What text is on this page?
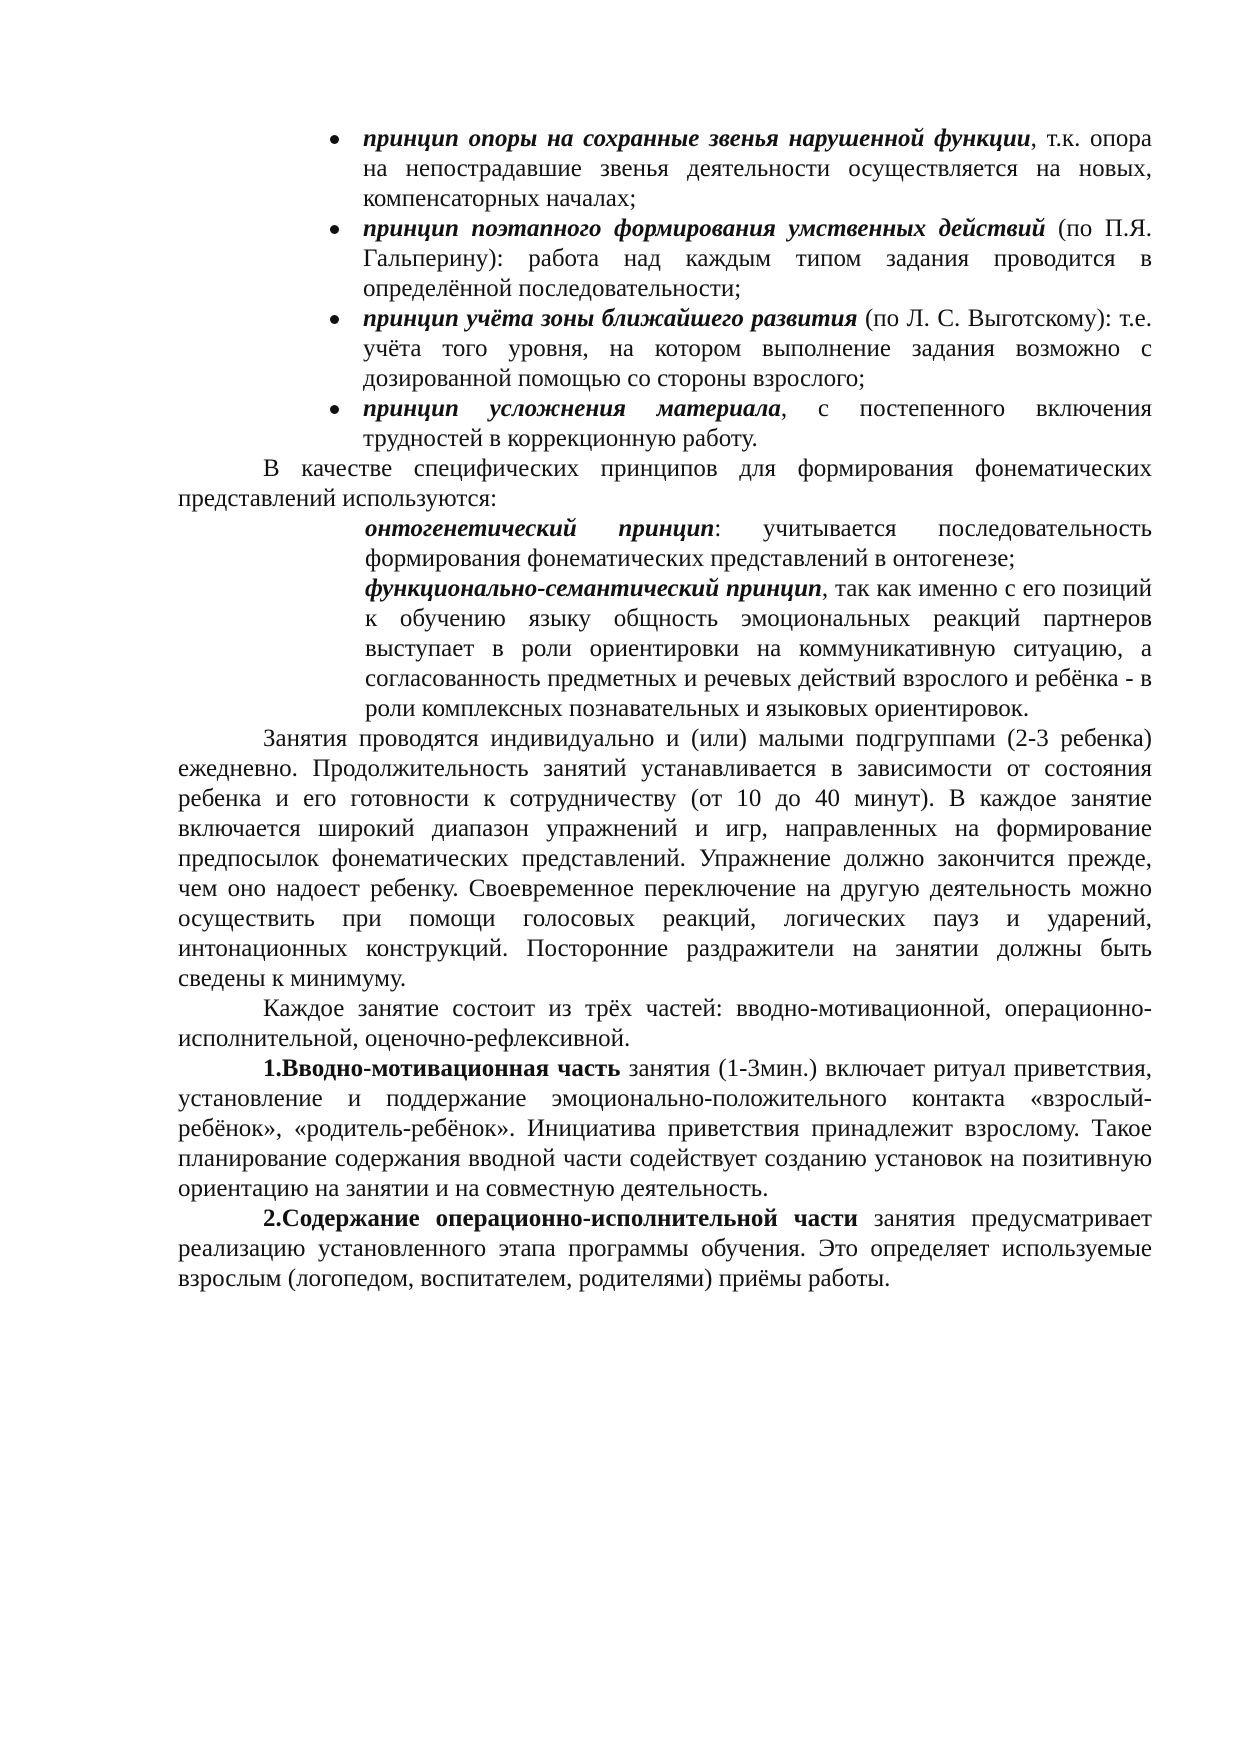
принцип опоры на сохранные звенья нарушенной функции, т.к. опора на непострадавшие звенья деятельности осуществляется на новых, компенсаторных началах;
принцип поэтапного формирования умственных действий (по П.Я. Гальперину): работа над каждым типом задания проводится в определённой последовательности;
принцип учёта зоны ближайшего развития (по Л. С. Выготскому): т.е. учёта того уровня, на котором выполнение задания возможно с дозированной помощью со стороны взрослого;
принцип усложнения материала, с постепенного включения трудностей в коррекционную работу.

В качестве специфических принципов для формирования фонематических представлений используются:

онтогенетический принцип: учитывается последовательность формирования фонематических представлений в онтогенезе;

функционально-семантический принцип, так как именно с его позиций к обучению языку общность эмоциональных реакций партнеров выступает в роли ориентировки на коммуникативную ситуацию, а согласованность предметных и речевых действий взрослого и ребёнка - в роли комплексных познавательных и языковых ориентировок.

Занятия проводятся индивидуально и (или) малыми подгруппами (2-3 ребенка) ежедневно. Продолжительность занятий устанавливается в зависимости от состояния ребенка и его готовности к сотрудничеству (от 10 до 40 минут). В каждое занятие включается широкий диапазон упражнений и игр, направленных на формирование предпосылок фонематических представлений. Упражнение должно закончится прежде, чем оно надоест ребенку. Своевременное переключение на другую деятельность можно осуществить при помощи голосовых реакций, логических пауз и ударений, интонационных конструкций. Посторонние раздражители на занятии должны быть сведены к минимуму.

Каждое занятие состоит из трёх частей: вводно-мотивационной, операционно-исполнительной, оценочно-рефлексивной.

1.Вводно-мотивационная часть занятия (1-3мин.) включает ритуал приветствия, установление и поддержание эмоционально-положительного контакта «взрослый-ребёнок», «родитель-ребёнок». Инициатива приветствия принадлежит взрослому. Такое планирование содержания вводной части содействует созданию установок на позитивную ориентацию на занятии и на совместную деятельность.

2.Содержание операционно-исполнительной части занятия предусматривает реализацию установленного этапа программы обучения. Это определяет используемые взрослым (логопедом, воспитателем, родителями) приёмы работы.
